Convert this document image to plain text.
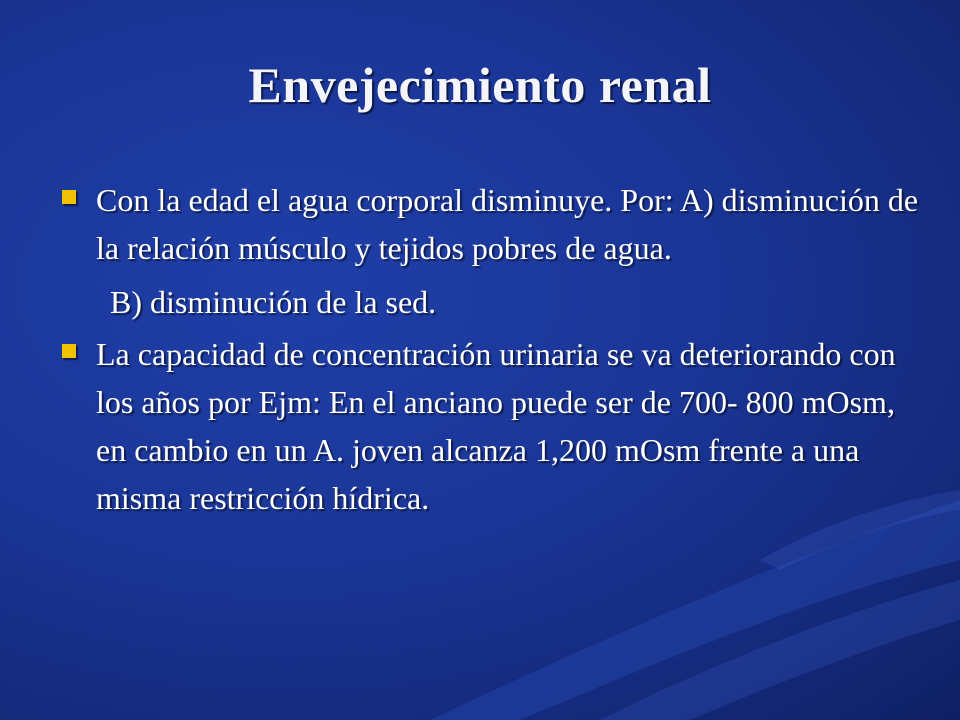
Envejecimiento renal
Con la edad el agua corporal disminuye. Por: A) disminución de la relación músculo y tejidos pobres de agua.
B) disminución de la sed.
La capacidad de concentración urinaria se va deteriorando con los años por Ejm: En el anciano puede ser de 700- 800 mOsm, en cambio en un A. joven alcanza 1,200 mOsm frente a una misma restricción hídrica.
